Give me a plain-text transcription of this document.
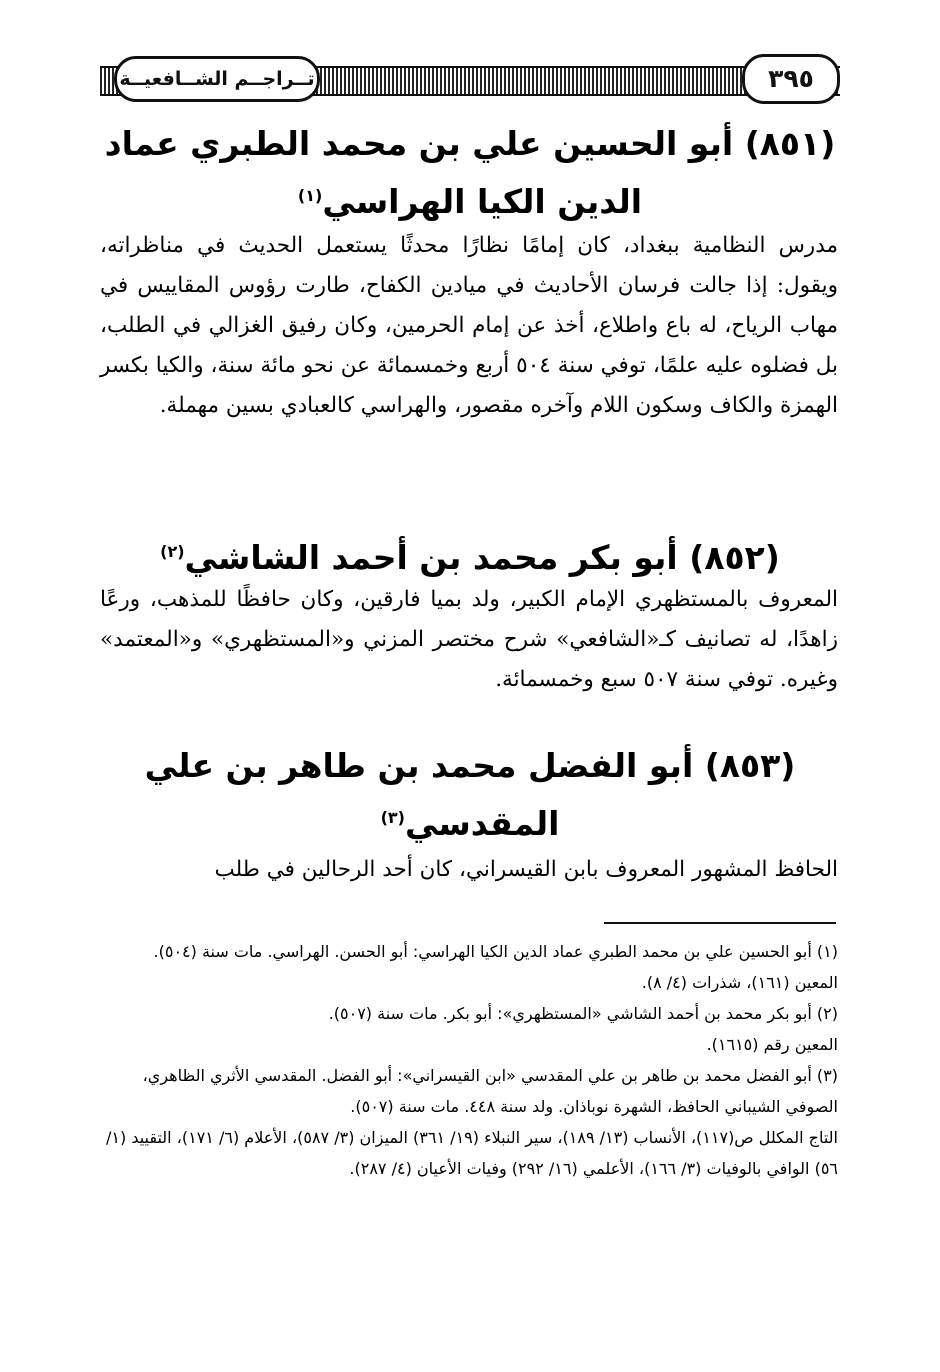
٣٩٥
تــراجــم الشــافعيــة
(٨٥١) أبو الحسين علي بن محمد الطبري عماد الدين الكيا الهراسي$^{(١)}$

مدرس النظامية ببغداد، كان إمامًا نظارًا محدثًا يستعمل الحديث في مناظراته، ويقول: إذا جالت فرسان الأحاديث في ميادين الكفاح، طارت رؤوس المقاييس في مهاب الرياح، له باع واطلاع، أخذ عن إمام الحرمين، وكان رفيق الغزالي في الطلب، بل فضلوه عليه علمًا، توفي سنة ٥٠٤ أربع وخمسمائة عن نحو مائة سنة، والكيا بكسر الهمزة والكاف وسكون اللام وآخره مقصور، والهراسي كالعبادي بسين مهملة.

(٨٥٢) أبو بكر محمد بن أحمد الشاشي$^{(٢)}$

المعروف بالمستظهري الإمام الكبير، ولد بميا فارقين، وكان حافظًا للمذهب، ورعًا زاهدًا، له تصانيف كـ«الشافعي» شرح مختصر المزني و«المستظهري» و«المعتمد» وغيره. توفي سنة ٥٠٧ سبع وخمسمائة.

(٨٥٣) أبو الفضل محمد بن طاهر بن علي المقدسي$^{(٣)}$

الحافظ المشهور المعروف بابن القيسراني، كان أحد الرحالين في طلب

(١) أبو الحسين علي بن محمد الطبري عماد الدين الكيا الهراسي: أبو الحسن. الهراسي. مات سنة (٥٠٤).
المعين (١٦١)، شذرات (٤/ ٨).
(٢) أبو بكر محمد بن أحمد الشاشي «المستظهري»: أبو بكر. مات سنة (٥٠٧).
المعين رقم (١٦١٥).
(٣) أبو الفضل محمد بن طاهر بن علي المقدسي «ابن القيسراني»: أبو الفضل. المقدسي الأثري الظاهري، الصوفي الشيباني الحافظ، الشهرة نوباذان. ولد سنة ٤٤٨. مات سنة (٥٠٧).
التاج المكلل ص(١١٧)، الأنساب (١٣/ ١٨٩)، سير النبلاء (١٩/ ٣٦١) الميزان (٣/ ٥٨٧)، الأعلام (٦/ ١٧١)، التقييد (١/ ٥٦) الوافي بالوفيات (٣/ ١٦٦)، الأعلمي (١٦/ ٢٩٢) وفيات الأعيان (٤/ ٢٨٧).
